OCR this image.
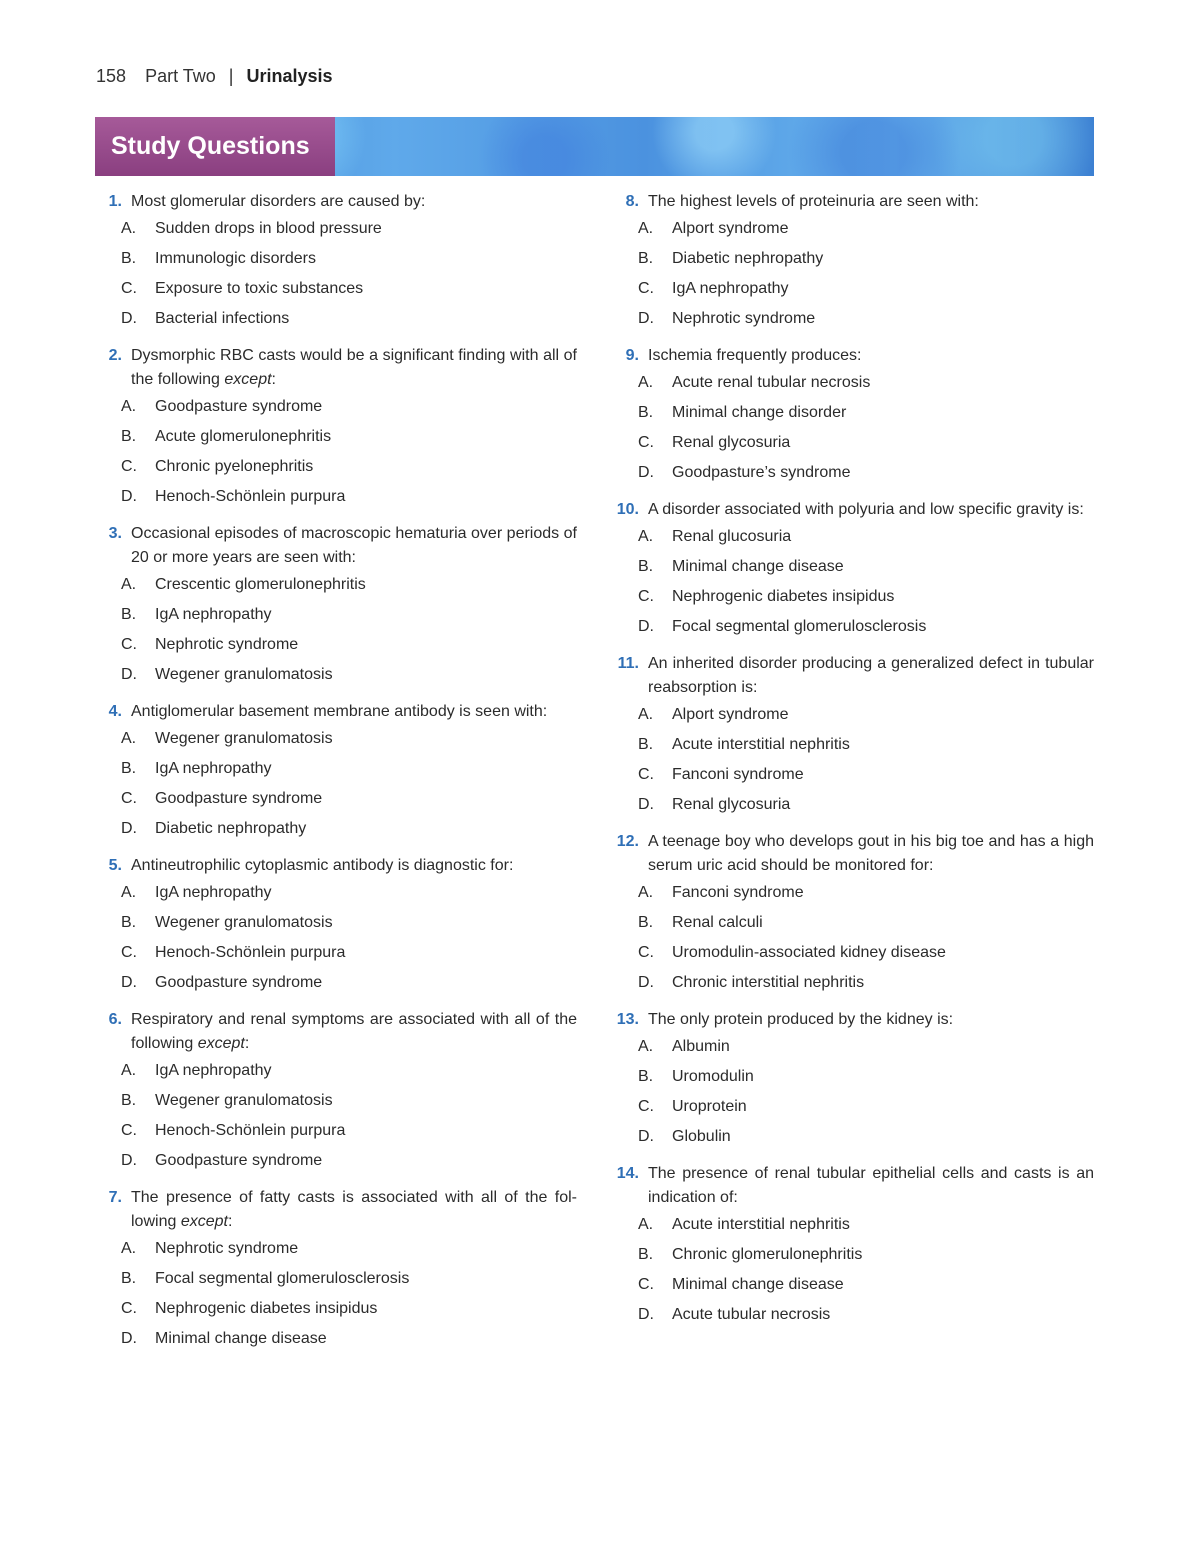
158 Part Two | Urinalysis
Study Questions
1. Most glomerular disorders are caused by:
A. Sudden drops in blood pressure
B. Immunologic disorders
C. Exposure to toxic substances
D. Bacterial infections
2. Dysmorphic RBC casts would be a significant finding with all of the following except:
A. Goodpasture syndrome
B. Acute glomerulonephritis
C. Chronic pyelonephritis
D. Henoch-Schönlein purpura
3. Occasional episodes of macroscopic hematuria over periods of 20 or more years are seen with:
A. Crescentic glomerulonephritis
B. IgA nephropathy
C. Nephrotic syndrome
D. Wegener granulomatosis
4. Antiglomerular basement membrane antibody is seen with:
A. Wegener granulomatosis
B. IgA nephropathy
C. Goodpasture syndrome
D. Diabetic nephropathy
5. Antineutrophilic cytoplasmic antibody is diagnostic for:
A. IgA nephropathy
B. Wegener granulomatosis
C. Henoch-Schönlein purpura
D. Goodpasture syndrome
6. Respiratory and renal symptoms are associated with all of the following except:
A. IgA nephropathy
B. Wegener granulomatosis
C. Henoch-Schönlein purpura
D. Goodpasture syndrome
7. The presence of fatty casts is associated with all of the fol-lowing except:
A. Nephrotic syndrome
B. Focal segmental glomerulosclerosis
C. Nephrogenic diabetes insipidus
D. Minimal change disease
8. The highest levels of proteinuria are seen with:
A. Alport syndrome
B. Diabetic nephropathy
C. IgA nephropathy
D. Nephrotic syndrome
9. Ischemia frequently produces:
A. Acute renal tubular necrosis
B. Minimal change disorder
C. Renal glycosuria
D. Goodpasture’s syndrome
10. A disorder associated with polyuria and low specific gravity is:
A. Renal glucosuria
B. Minimal change disease
C. Nephrogenic diabetes insipidus
D. Focal segmental glomerulosclerosis
11. An inherited disorder producing a generalized defect in tubular reabsorption is:
A. Alport syndrome
B. Acute interstitial nephritis
C. Fanconi syndrome
D. Renal glycosuria
12. A teenage boy who develops gout in his big toe and has a high serum uric acid should be monitored for:
A. Fanconi syndrome
B. Renal calculi
C. Uromodulin-associated kidney disease
D. Chronic interstitial nephritis
13. The only protein produced by the kidney is:
A. Albumin
B. Uromodulin
C. Uroprotein
D. Globulin
14. The presence of renal tubular epithelial cells and casts is an indication of:
A. Acute interstitial nephritis
B. Chronic glomerulonephritis
C. Minimal change disease
D. Acute tubular necrosis
